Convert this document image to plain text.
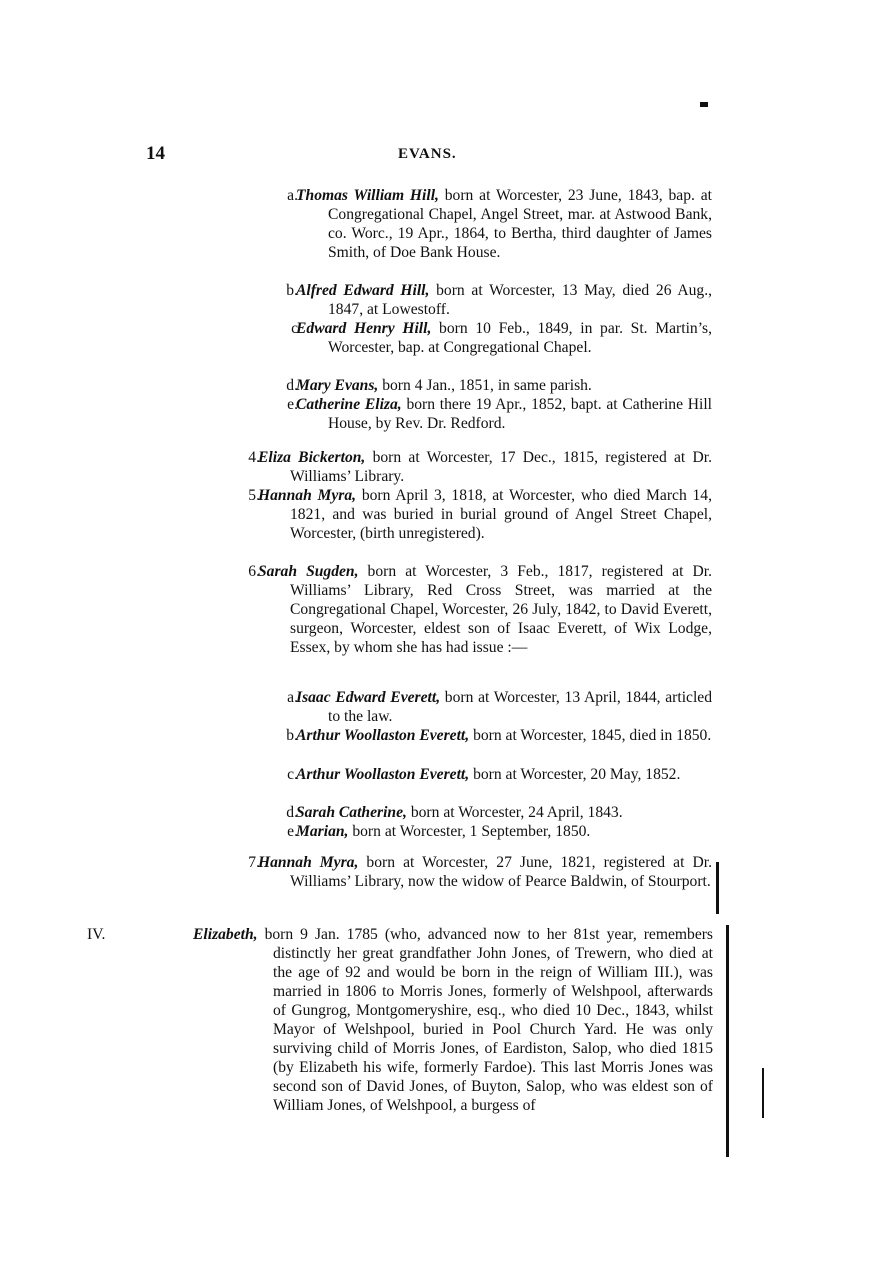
14	EVANS.
a.
Thomas William Hill, born at Worcester, 23 June, 1843, bap. at Congregational Chapel, Angel Street, mar. at Astwood Bank, co. Worc., 19 Apr., 1864, to Bertha, third daughter of James Smith, of Doe Bank House.
b.
Alfred Edward Hill, born at Worcester, 13 May, died 26 Aug., 1847, at Lowestoff.
c
Edward Henry Hill, born 10 Feb., 1849, in par. St. Martin’s, Worcester, bap. at Congregational Chapel.
d.
Mary Evans, born 4 Jan., 1851, in same parish.
e.
Catherine Eliza, born there 19 Apr., 1852, bapt. at Catherine Hill House, by Rev. Dr. Redford.
4.
Eliza Bickerton, born at Worcester, 17 Dec., 1815, registered at Dr. Williams’ Library.
5.
Hannah Myra, born April 3, 1818, at Worcester, who died March 14, 1821, and was buried in burial ground of Angel Street Chapel, Worcester, (birth unregistered).
6.
Sarah Sugden, born at Worcester, 3 Feb., 1817, registered at Dr. Williams’ Library, Red Cross Street, was married at the Congregational Chapel, Worcester, 26 July, 1842, to David Everett, surgeon, Worcester, eldest son of Isaac Everett, of Wix Lodge, Essex, by whom she has had issue :—
a.
Isaac Edward Everett, born at Worcester, 13 April, 1844, articled to the law.
b.
Arthur Woollaston Everett, born at Worcester, 1845, died in 1850.
c.
Arthur Woollaston Everett, born at Worcester, 20 May, 1852.
d.
Sarah Catherine, born at Worcester, 24 April, 1843.
e.
Marian, born at Worcester, 1 September, 1850.
7.
Hannah Myra, born at Worcester, 27 June, 1821, registered at Dr. Williams’ Library, now the widow of Pearce Baldwin, of Stourport.
IV.	Elizabeth, born 9 Jan. 1785 (who, advanced now to her 81st year, remembers distinctly her great grandfather John Jones, of Trewern, who died at the age of 92 and would be born in the reign of William III.), was married in 1806 to Morris Jones, formerly of Welshpool, afterwards of Gungrog, Montgomeryshire, esq., who died 10 Dec., 1843, whilst Mayor of Welshpool, buried in Pool Church Yard. He was only surviving child of Morris Jones, of Eardiston, Salop, who died 1815 (by Elizabeth his wife, formerly Fardoe). This last Morris Jones was second son of David Jones, of Buyton, Salop, who was eldest son of William Jones, of Welshpool, a burgess of
